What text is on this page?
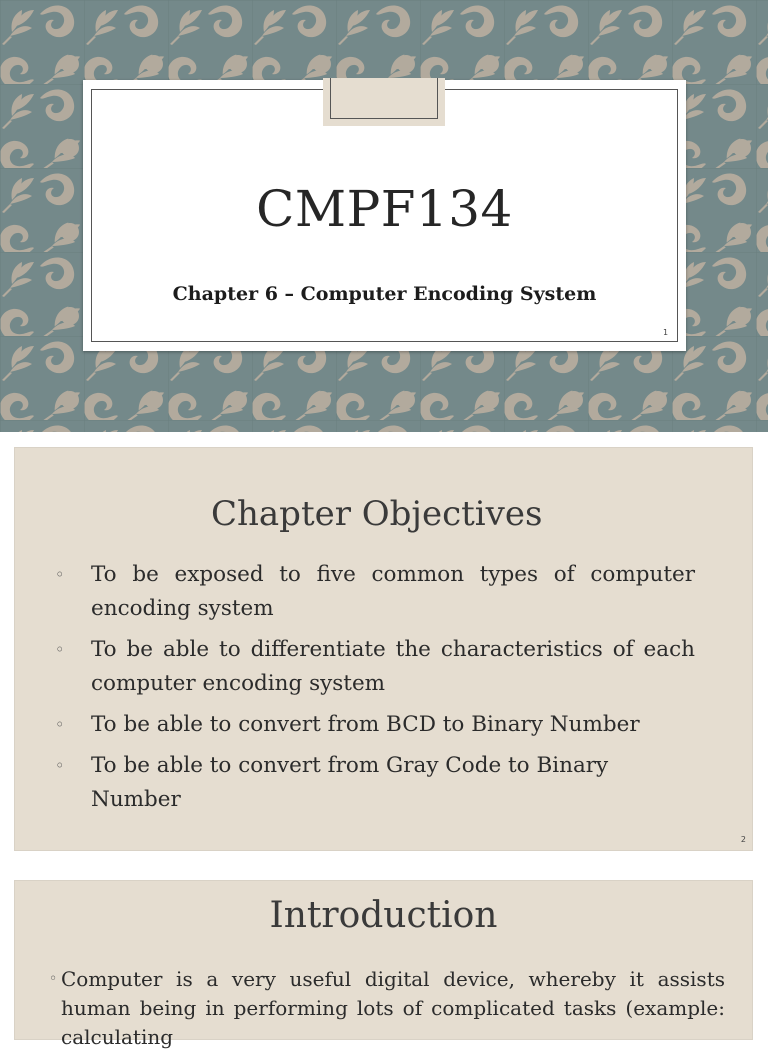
CMPF134
Chapter 6 – Computer Encoding System
1
Chapter Objectives
◦ To be exposed to five common types of computer encoding system
◦ To be able to differentiate the characteristics of each computer encoding system
◦ To be able to convert from BCD to Binary Number
◦ To be able to convert from Gray Code to Binary Number
2
Introduction
◦ Computer is a very useful digital device, whereby it assists human being in performing lots of complicated tasks (example: calculating
